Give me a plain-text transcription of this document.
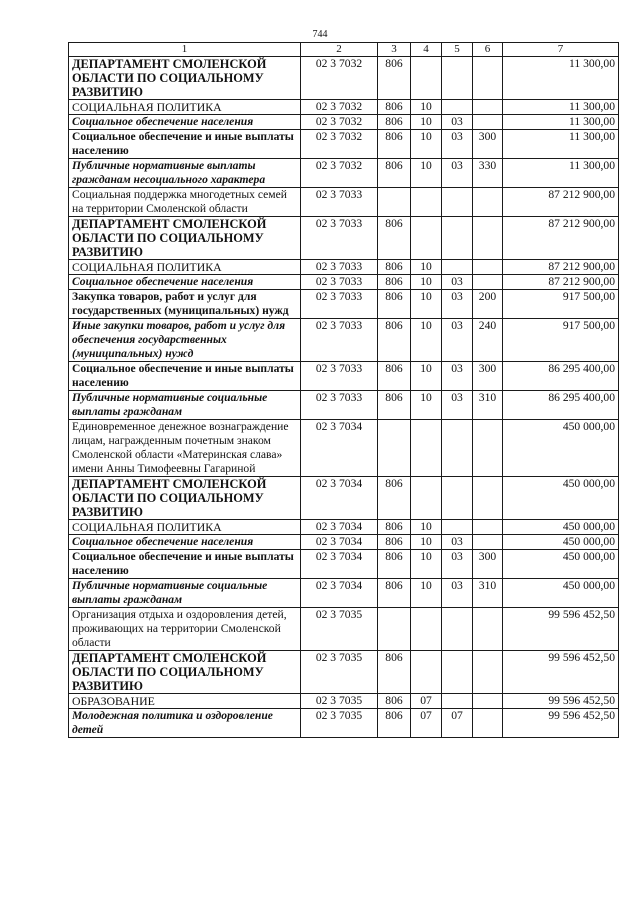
744
1	2	3	4	5	6	7
ДЕПАРТАМЕНТ СМОЛЕНСКОЙ ОБЛАСТИ ПО СОЦИАЛЬНОМУ РАЗВИТИЮ	02 3 7032	806				11 300,00
СОЦИАЛЬНАЯ ПОЛИТИКА	02 3 7032	806	10			11 300,00
Социальное обеспечение населения	02 3 7032	806	10	03		11 300,00
Социальное обеспечение и иные выплаты населению	02 3 7032	806	10	03	300	11 300,00
Публичные нормативные выплаты гражданам несоциального характера	02 3 7032	806	10	03	330	11 300,00
Социальная поддержка многодетных семей на территории Смоленской области	02 3 7033					87 212 900,00
ДЕПАРТАМЕНТ СМОЛЕНСКОЙ ОБЛАСТИ ПО СОЦИАЛЬНОМУ РАЗВИТИЮ	02 3 7033	806				87 212 900,00
СОЦИАЛЬНАЯ ПОЛИТИКА	02 3 7033	806	10			87 212 900,00
Социальное обеспечение населения	02 3 7033	806	10	03		87 212 900,00
Закупка товаров, работ и услуг для государственных (муниципальных) нужд	02 3 7033	806	10	03	200	917 500,00
Иные закупки товаров, работ и услуг для обеспечения государственных (муниципальных) нужд	02 3 7033	806	10	03	240	917 500,00
Социальное обеспечение и иные выплаты населению	02 3 7033	806	10	03	300	86 295 400,00
Публичные нормативные социальные выплаты гражданам	02 3 7033	806	10	03	310	86 295 400,00
Единовременное денежное вознаграждение лицам, награжденным почетным знаком Смоленской области «Материнская слава» имени Анны Тимофеевны Гагариной	02 3 7034					450 000,00
ДЕПАРТАМЕНТ СМОЛЕНСКОЙ ОБЛАСТИ ПО СОЦИАЛЬНОМУ РАЗВИТИЮ	02 3 7034	806				450 000,00
СОЦИАЛЬНАЯ ПОЛИТИКА	02 3 7034	806	10			450 000,00
Социальное обеспечение населения	02 3 7034	806	10	03		450 000,00
Социальное обеспечение и иные выплаты населению	02 3 7034	806	10	03	300	450 000,00
Публичные нормативные социальные выплаты гражданам	02 3 7034	806	10	03	310	450 000,00
Организация отдыха и оздоровления детей, проживающих на территории Смоленской области	02 3 7035					99 596 452,50
ДЕПАРТАМЕНТ СМОЛЕНСКОЙ ОБЛАСТИ ПО СОЦИАЛЬНОМУ РАЗВИТИЮ	02 3 7035	806				99 596 452,50
ОБРАЗОВАНИЕ	02 3 7035	806	07			99 596 452,50
Молодежная политика и оздоровление детей	02 3 7035	806	07	07		99 596 452,50
